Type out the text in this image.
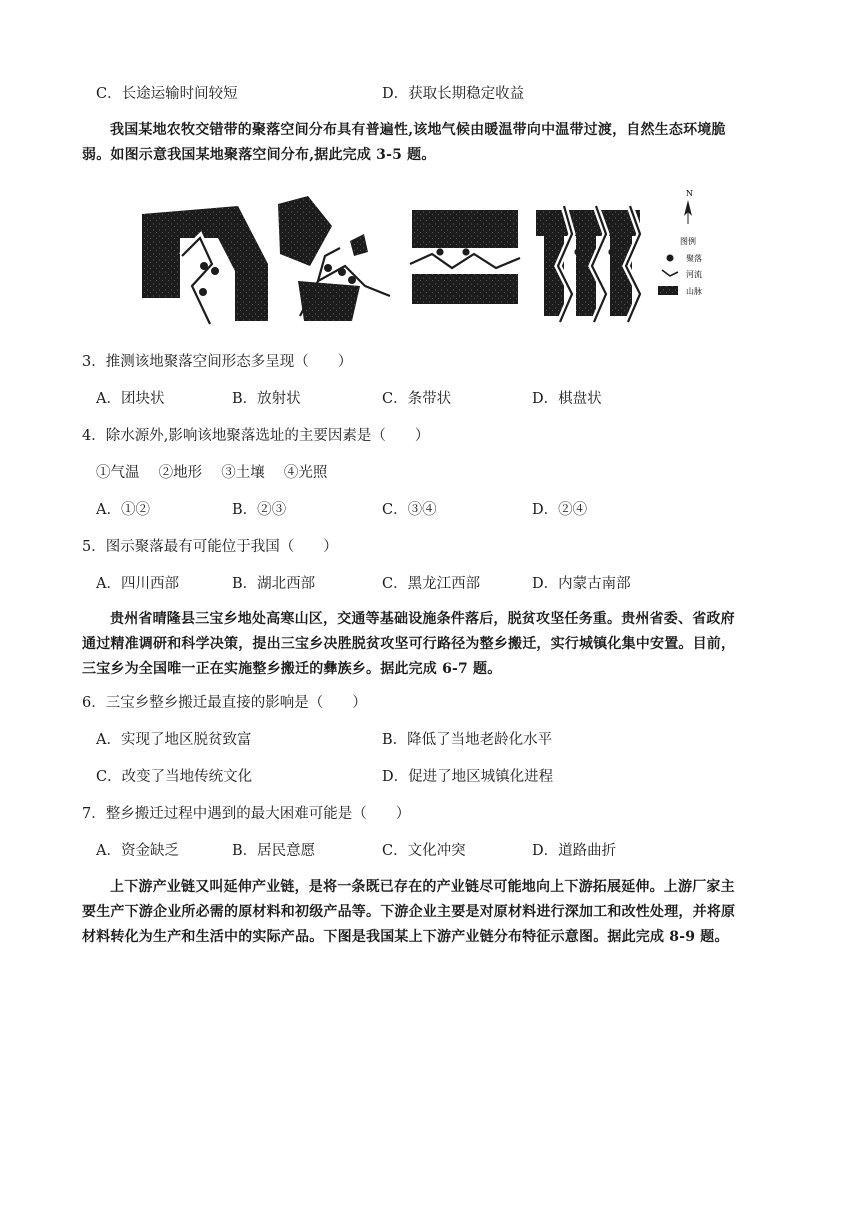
C．长途运输时间较短	D．获取长期稳定收益
我国某地农牧交错带的聚落空间分布具有普遍性,该地气候由暖温带向中温带过渡，自然生态环境脆
弱。如图示意我国某地聚落空间分布,据此完成 3-5 题。
N
图例
聚落
河流
山脉
3．推测该地聚落空间形态多呈现（　　）
A．团块状	B．放射状	C．条带状	D．棋盘状
4．除水源外,影响该地聚落选址的主要因素是（　　）
①气温　 ②地形　 ③土壤　 ④光照
A．①②	B．②③	C．③④	D．②④
5．图示聚落最有可能位于我国（　　）
A．四川西部	B．湖北西部	C．黑龙江西部	D．内蒙古南部
贵州省晴隆县三宝乡地处高寒山区，交通等基础设施条件落后，脱贫攻坚任务重。贵州省委、省政府
通过精准调研和科学决策，提出三宝乡决胜脱贫攻坚可行路径为整乡搬迁，实行城镇化集中安置。目前，
三宝乡为全国唯一正在实施整乡搬迁的彝族乡。据此完成 6-7 题。
6．三宝乡整乡搬迁最直接的影响是（　　）
A．实现了地区脱贫致富	B．降低了当地老龄化水平
C．改变了当地传统文化	D．促进了地区城镇化进程
7．整乡搬迁过程中遇到的最大困难可能是（　　）
A．资金缺乏	B．居民意愿	C．文化冲突	D．道路曲折
上下游产业链又叫延伸产业链，是将一条既已存在的产业链尽可能地向上下游拓展延伸。上游厂家主
要生产下游企业所必需的原材料和初级产品等。下游企业主要是对原材料进行深加工和改性处理，并将原
材料转化为生产和生活中的实际产品。下图是我国某上下游产业链分布特征示意图。据此完成 8-9 题。
